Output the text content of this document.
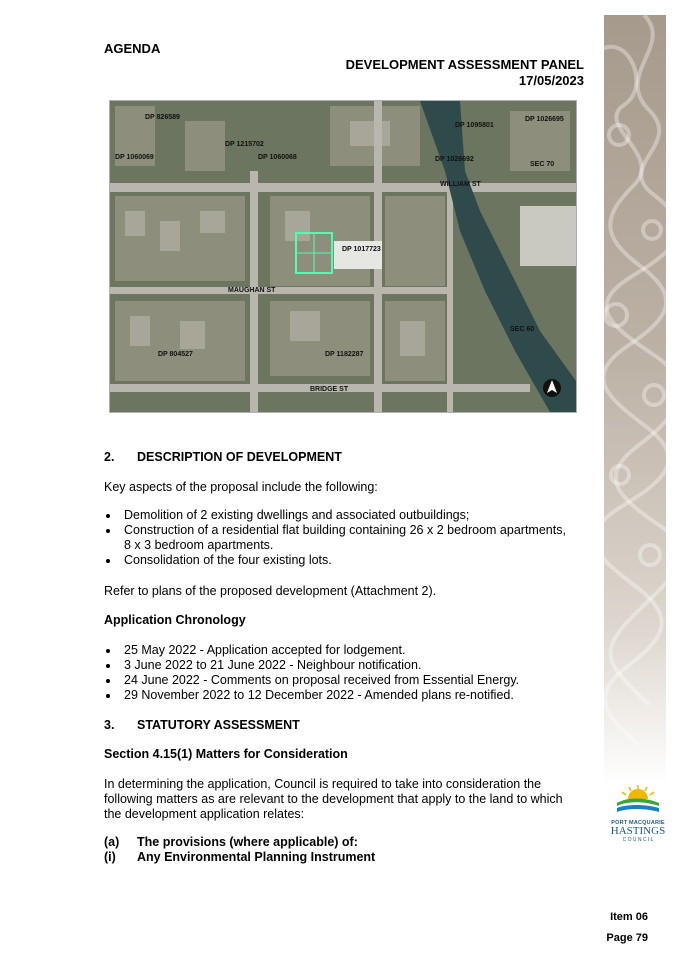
AGENDA
DEVELOPMENT ASSESSMENT PANEL
17/05/2023
DP 826589
DP 1215702
DP 1060068
DP 1060069
DP 1095801
DP 1026695
DP 1026692
SEC 70
WILLIAM ST
DP 1017723
MAUGHAN ST
DP 804527	DP 1182287
BRIDGE ST
SEC 60
2. DESCRIPTION OF DEVELOPMENT
Key aspects of the proposal include the following:
Demolition of 2 existing dwellings and associated outbuildings;
Construction of a residential flat building containing 26 x 2 bedroom apartments,
8 x 3 bedroom apartments.
Consolidation of the four existing lots.
Refer to plans of the proposed development (Attachment 2).
Application Chronology
25 May 2022 - Application accepted for lodgement.
3 June 2022 to 21 June 2022 - Neighbour notification.
24 June 2022 - Comments on proposal received from Essential Energy.
29 November 2022 to 12 December 2022 - Amended plans re-notified.
3. STATUTORY ASSESSMENT
Section 4.15(1) Matters for Consideration
In determining the application, Council is required to take into consideration the
following matters as are relevant to the development that apply to the land to which
the development application relates:
(a) The provisions (where applicable) of:
(i) Any Environmental Planning Instrument
PORT MACQUARIE
HASTINGS
C O U N C I L
Item 06
Page 79
